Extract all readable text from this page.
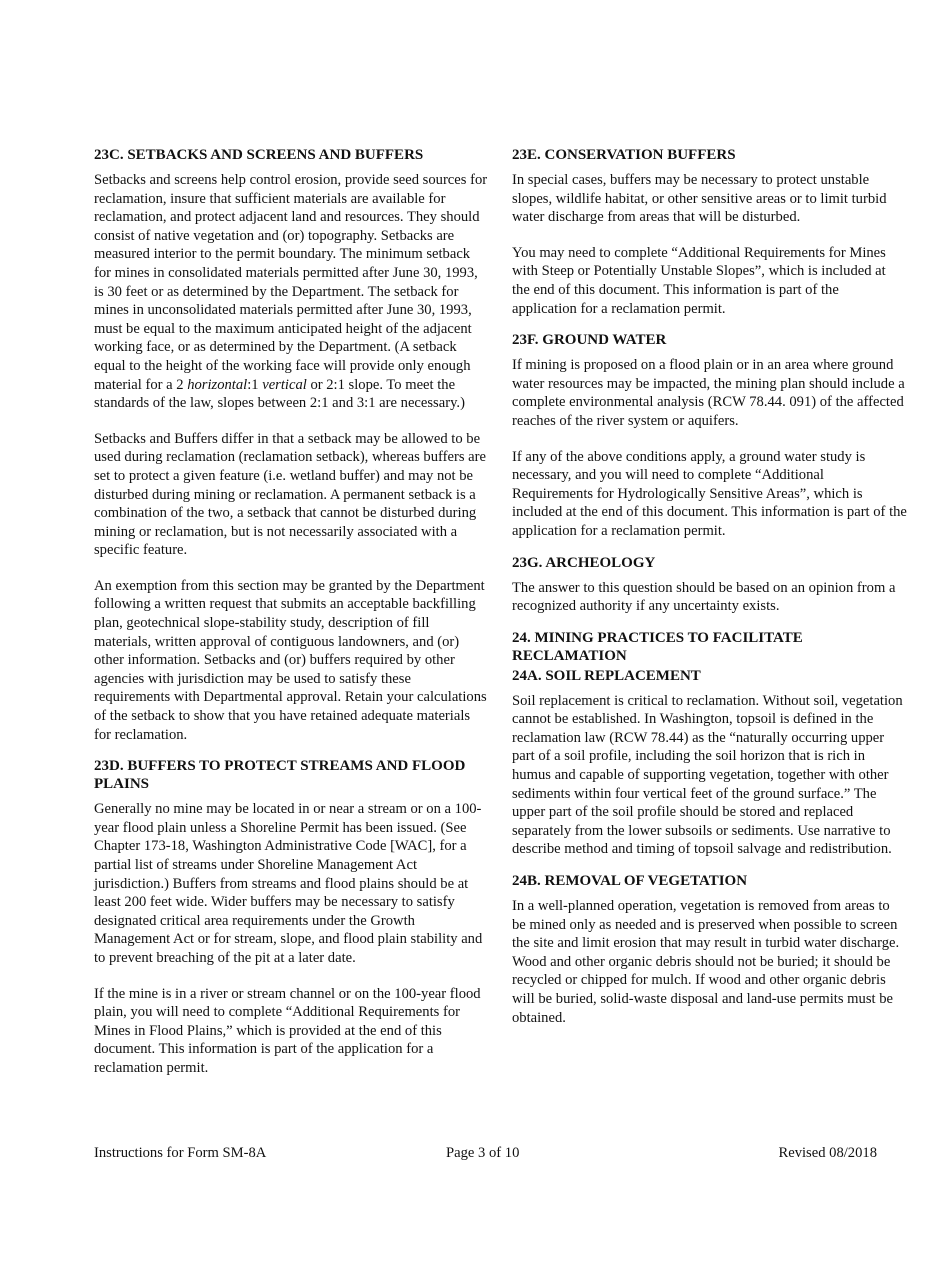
23C. SETBACKS AND SCREENS AND BUFFERS

Setbacks and screens help control erosion, provide seed sources for reclamation, insure that sufficient materials are available for reclamation, and protect adjacent land and resources. They should consist of native vegetation and (or) topography. Setbacks are measured interior to the permit boundary. The minimum setback for mines in consolidated materials permitted after June 30, 1993, is 30 feet or as determined by the Department. The setback for mines in unconsolidated materials permitted after June 30, 1993, must be equal to the maximum anticipated height of the adjacent working face, or as determined by the Department. (A setback equal to the height of the working face will provide only enough material for a 2 horizontal:1 vertical or 2:1 slope. To meet the standards of the law, slopes between 2:1 and 3:1 are necessary.)

Setbacks and Buffers differ in that a setback may be allowed to be used during reclamation (reclamation setback), whereas buffers are set to protect a given feature (i.e. wetland buffer) and may not be disturbed during mining or reclamation. A permanent setback is a combination of the two, a setback that cannot be disturbed during mining or reclamation, but is not necessarily associated with a specific feature.

An exemption from this section may be granted by the Department following a written request that submits an acceptable backfilling plan, geotechnical slope-stability study, description of fill materials, written approval of contiguous landowners, and (or) other information. Setbacks and (or) buffers required by other agencies with jurisdiction may be used to satisfy these requirements with Departmental approval. Retain your calculations of the setback to show that you have retained adequate materials for reclamation.

23D. BUFFERS TO PROTECT STREAMS AND FLOOD PLAINS

Generally no mine may be located in or near a stream or on a 100-year flood plain unless a Shoreline Permit has been issued. (See Chapter 173-18, Washington Administrative Code [WAC], for a partial list of streams under Shoreline Management Act jurisdiction.) Buffers from streams and flood plains should be at least 200 feet wide. Wider buffers may be necessary to satisfy designated critical area requirements under the Growth Management Act or for stream, slope, and flood plain stability and to prevent breaching of the pit at a later date.

If the mine is in a river or stream channel or on the 100-year flood plain, you will need to complete “Additional Requirements for Mines in Flood Plains,” which is provided at the end of this document. This information is part of the application for a reclamation permit.

23E. CONSERVATION BUFFERS

In special cases, buffers may be necessary to protect unstable slopes, wildlife habitat, or other sensitive areas or to limit turbid water discharge from areas that will be disturbed.

You may need to complete “Additional Requirements for Mines with Steep or Potentially Unstable Slopes”, which is included at the end of this document. This information is part of the application for a reclamation permit.

23F. GROUND WATER

If mining is proposed on a flood plain or in an area where ground water resources may be impacted, the mining plan should include a complete environmental analysis (RCW 78.44. 091) of the affected reaches of the river system or aquifers.

If any of the above conditions apply, a ground water study is necessary, and you will need to complete “Additional Requirements for Hydrologically Sensitive Areas”, which is included at the end of this document. This information is part of the application for a reclamation permit.

23G. ARCHEOLOGY

The answer to this question should be based on an opinion from a recognized authority if any uncertainty exists.

24. MINING PRACTICES TO FACILITATE RECLAMATION
24A. SOIL REPLACEMENT

Soil replacement is critical to reclamation. Without soil, vegetation cannot be established. In Washington, topsoil is defined in the reclamation law (RCW 78.44) as the “naturally occurring upper part of a soil profile, including the soil horizon that is rich in humus and capable of supporting vegetation, together with other sediments within four vertical feet of the ground surface.” The upper part of the soil profile should be stored and replaced separately from the lower subsoils or sediments. Use narrative to describe method and timing of topsoil salvage and redistribution.

24B. REMOVAL OF VEGETATION

In a well-planned operation, vegetation is removed from areas to be mined only as needed and is preserved when possible to screen the site and limit erosion that may result in turbid water discharge. Wood and other organic debris should not be buried; it should be recycled or chipped for mulch. If wood and other organic debris will be buried, solid-waste disposal and land-use permits must be obtained.

Instructions for Form SM-8A	Page 3 of 10	Revised 08/2018
